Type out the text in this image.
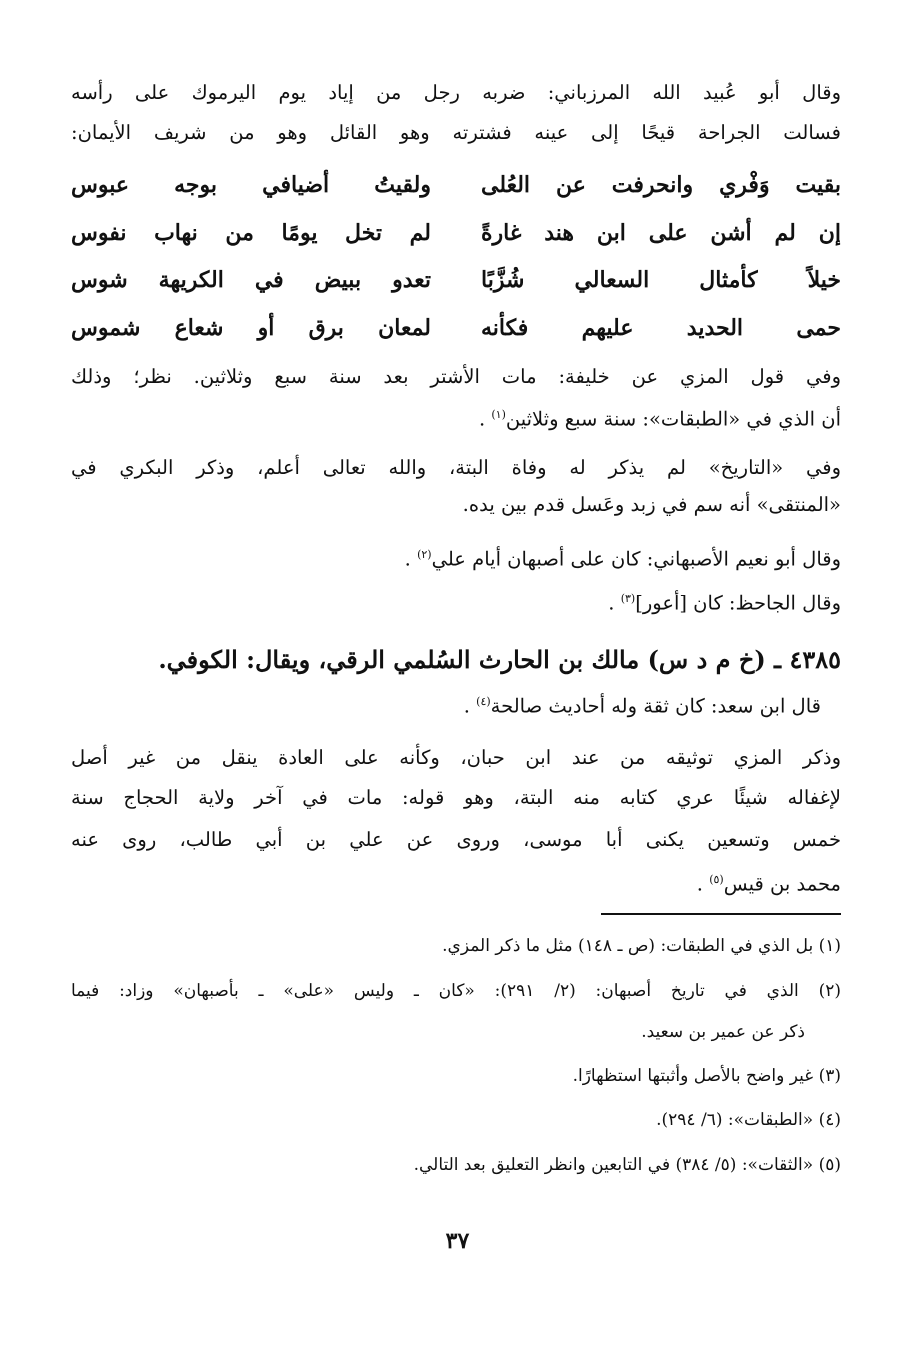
وقال أبو عُبيد الله المرزباني: ضربه رجل من إياد يوم اليرموك على رأسه
فسالت الجراحة قيحًا إلى عينه فشترته وهو القائل وهو من شريف الأيمان:
بقيت وَفْري وانحرفت عن العُلى
ولقيتُ أضيافي بوجه عبوس
إن لم أشن على ابن هند غارةً
لم تخل يومًا من نهاب نفوس
خيلاً كأمثال السعالي شُزَّبًا
تعدو ببيض في الكريهة شوس
حمى الحديد عليهم فكأنه
لمعان برق أو شعاع شموس
وفي قول المزي عن خليفة: مات الأشتر بعد سنة سبع وثلاثين. نظر؛ وذلك
أن الذي في «الطبقات»: سنة سبع وثلاثين$^{(١)}$ .
وفي «التاريخ» لم يذكر له وفاة البتة، والله تعالى أعلم، وذكر البكري في
«المنتقى» أنه سم في زبد وعَسل قدم بين يده.
وقال أبو نعيم الأصبهاني: كان على أصبهان أيام علي$^{(٢)}$ .
وقال الجاحظ: كان [أعور]$^{(٣)}$ .
٤٣٨٥ ـ (خ م د س) مالك بن الحارث السُلمي الرقي، ويقال: الكوفي.
قال ابن سعد: كان ثقة وله أحاديث صالحة$^{(٤)}$ .
وذكر المزي توثيقه من عند ابن حبان، وكأنه على العادة ينقل من غير أصل
لإغفاله شيئًا عري كتابه منه البتة، وهو قوله: مات في آخر ولاية الحجاج سنة
خمس وتسعين يكنى أبا موسى، وروى عن علي بن أبي طالب، روى عنه
محمد بن قيس$^{(٥)}$ .
(١) بل الذي في الطبقات: (ص ـ ١٤٨) مثل ما ذكر المزي.
(٢) الذي في تاريخ أصبهان: (٢/ ٢٩١): «كان ـ وليس «على» ـ بأصبهان» وزاد: فيما
ذكر عن عمير بن سعيد.
(٣) غير واضح بالأصل وأثبتها استظهارًا.
(٤) «الطبقات»: (٦/ ٢٩٤).
(٥) «الثقات»: (٥/ ٣٨٤) في التابعين وانظر التعليق بعد التالي.
٣٧
